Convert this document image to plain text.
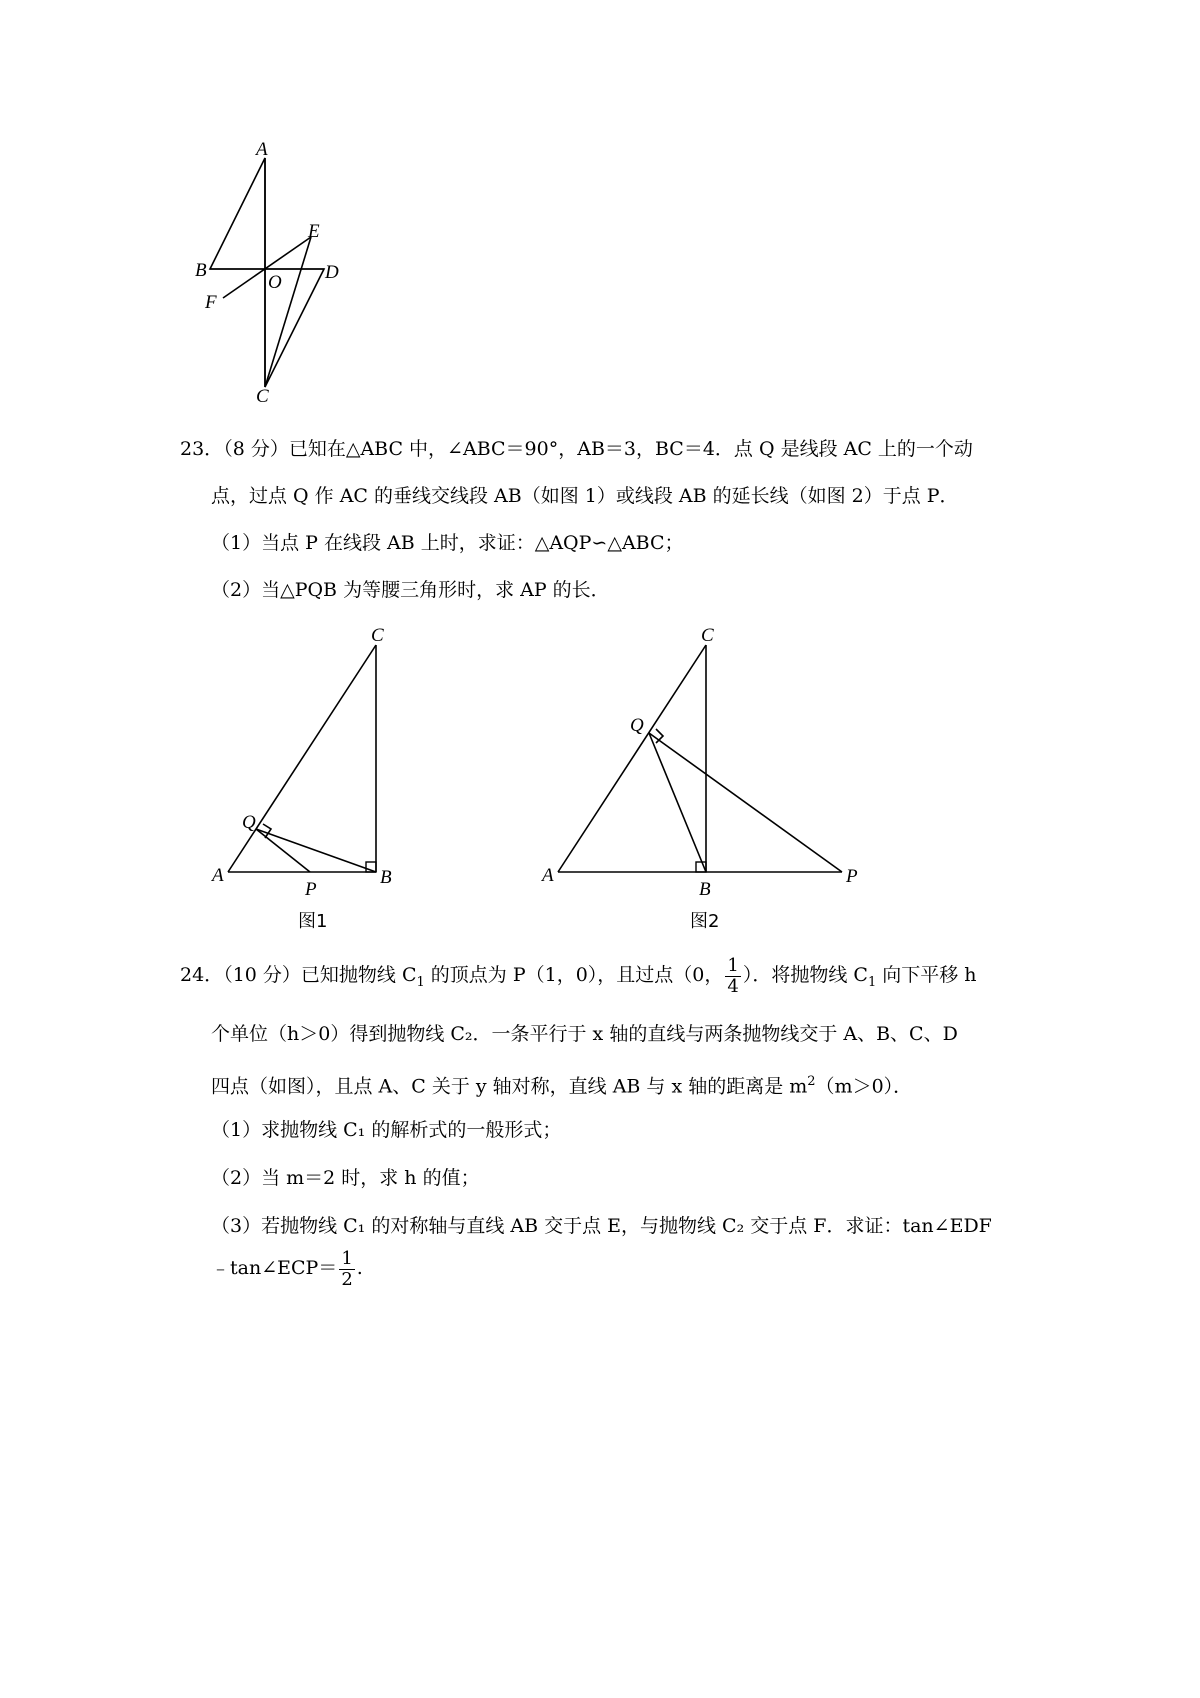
A
B	D
E
F
O
C
23．（8 分）已知在△ABC 中，∠ABC＝90°，AB＝3，BC＝4．点 Q 是线段 AC 上的一个动
点，过点 Q 作 AC 的垂线交线段 AB（如图 1）或线段 AB 的延长线（如图 2）于点 P．
（1）当点 P 在线段 AB 上时，求证：△AQP∽△ABC；
（2）当△PQB 为等腰三角形时，求 AP 的长．
C
Q
A
P
B
图1
C
Q
A
B
P
图2
24．（10 分）已知抛物线 $C_1$ 的顶点为 P（1，0），且过点（0， $\frac{1}{4}$ ）．将抛物线 $C_1$ 向下平移 h
个单位（h＞0）得到抛物线 C₂．一条平行于 x 轴的直线与两条抛物线交于 A、B、C、D
四点（如图），且点 A、C 关于 y 轴对称，直线 AB 与 x 轴的距离是 $m^2(m>0)$．
（1）求抛物线 C₁ 的解析式的一般形式；
（2）当 m＝2 时，求 h 的值；
（3）若抛物线 C₁ 的对称轴与直线 AB 交于点 E，与抛物线 C₂ 交于点 F．求证：tan∠EDF
﹣tan∠ECP＝ $\frac{1}{2}$ .
